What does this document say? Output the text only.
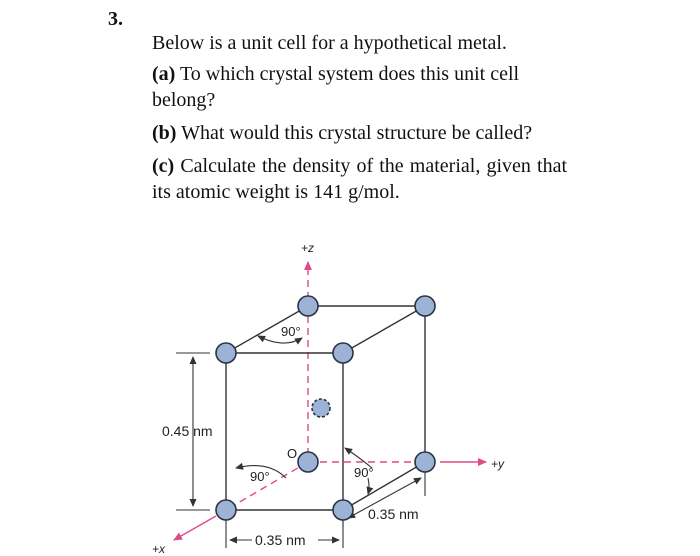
3.

Below is a unit cell for a hypothetical metal.

(a) To which crystal system does this unit cell belong?

(b) What would this crystal structure be called?

(c) Calculate the density of the material, given that its atomic weight is 141 g/mol.

+z
+y
+x
O
90°
90°	90°
0.45 nm
0.35 nm
0.35 nm
